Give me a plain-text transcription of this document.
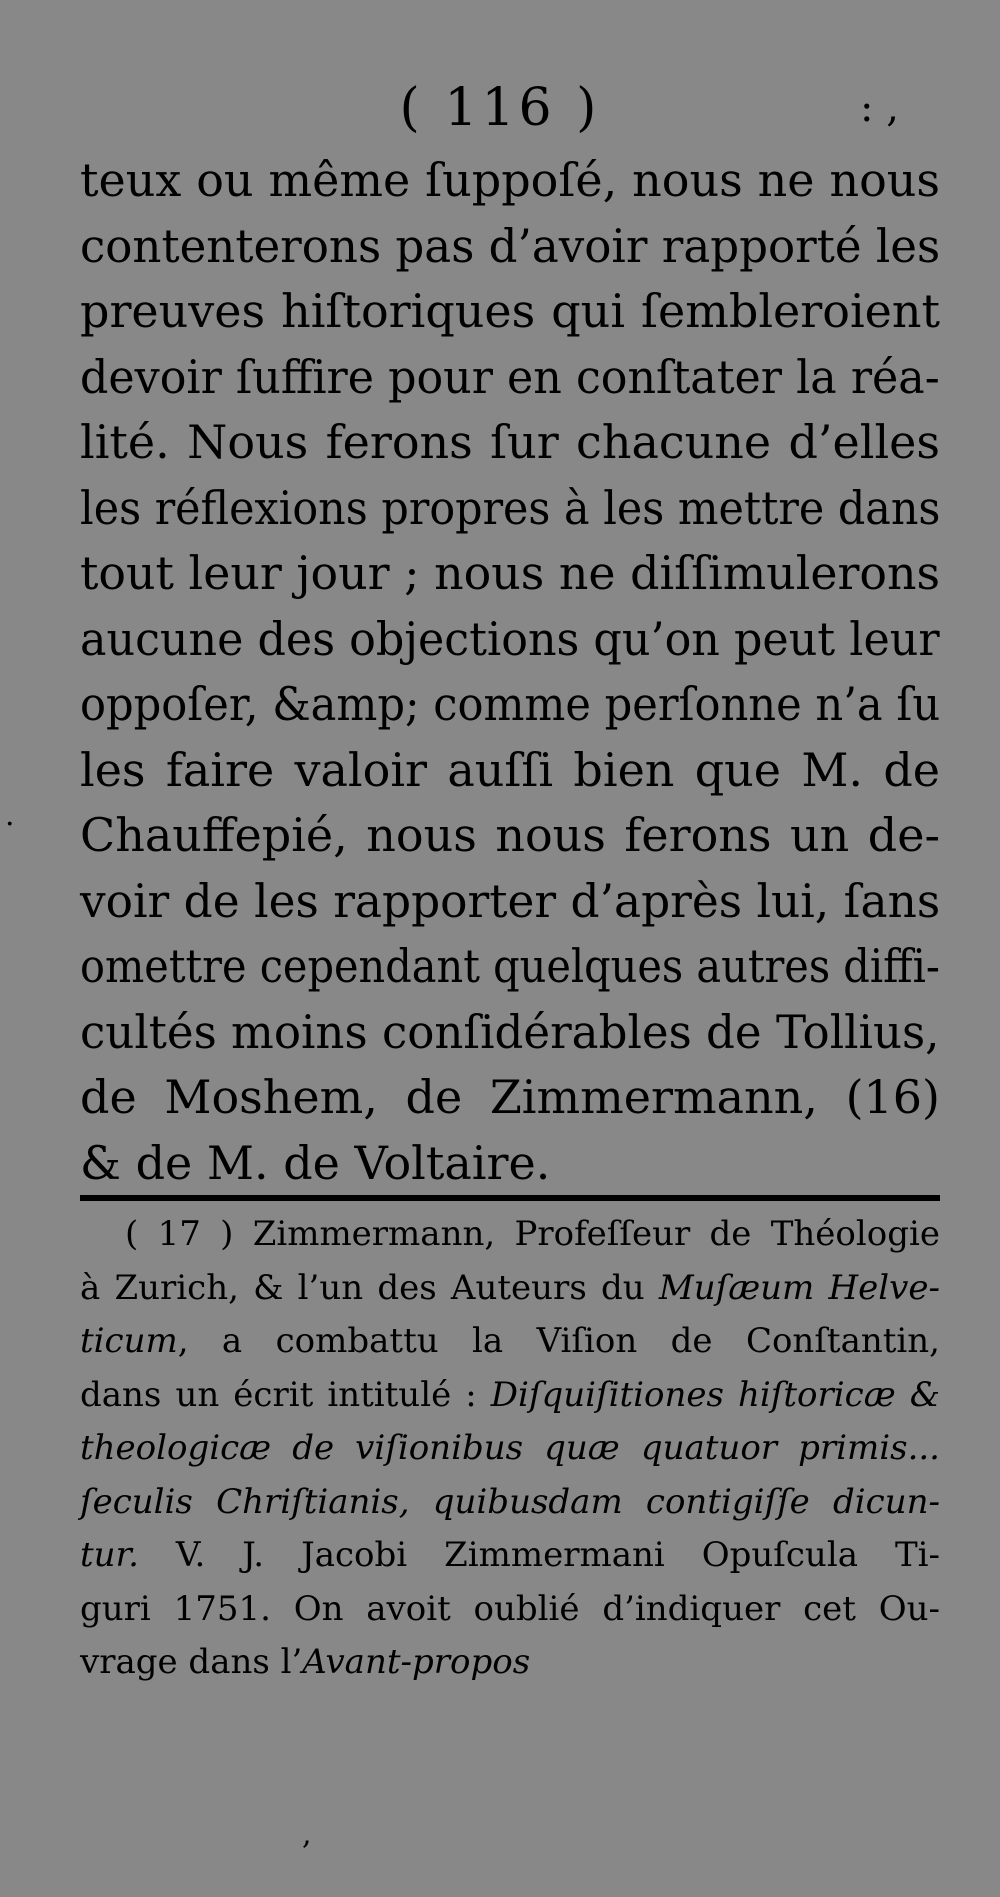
( 116 )	: ,
teux ou même ſuppoſé, nous ne nous
contenterons pas d’avoir rapporté les
preuves hiſtoriques qui ſembleroient
devoir ſuffire pour en conſtater la réa-
lité. Nous ferons ſur chacune d’elles
les réflexions propres à les mettre dans
tout leur jour ; nous ne diſſimulerons
aucune des objections qu’on peut leur
oppoſer, &amp; comme perſonne n’a ſu
les faire valoir auſſi bien que M. de
Chauffepié, nous nous ferons un de-
voir de les rapporter d’après lui, ſans
omettre cependant quelques autres diffi-
cultés moins conſidérables de Tollius,
de Moshem, de Zimmermann, (16)
& de M. de Voltaire.
( 17 ) Zimmermann, Profeſſeur de Théologie
à Zurich, & l’un des Auteurs du Muſæum Helve-
ticum, a combattu la Viſion de Conſtantin,
dans un écrit intitulé : Diſquiſitiones hiſtoricæ &
theologicæ de viſionibus quæ quatuor primis...
ſeculis Chriſtianis, quibusdam contigiſſe dicun-
tur. V. J. Jacobi Zimmermani Opuſcula Ti-
guri 1751. On avoit oublié d’indiquer cet Ou-
vrage dans l’Avant-propos
·
,
